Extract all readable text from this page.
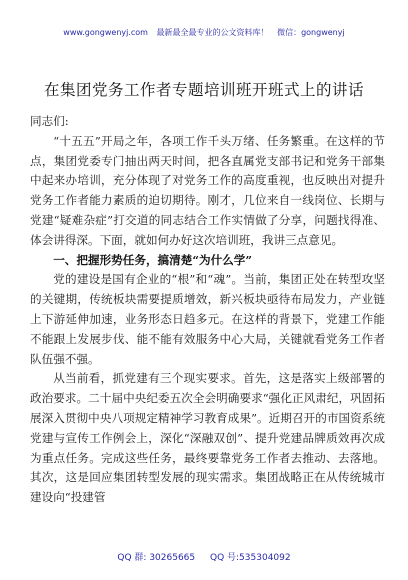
www.gongwenyj.com 最新最全最专业的公文资料库！ 微信：gongwenyj
在集团党务工作者专题培训班开班式上的讲话

同志们:

“十五五”开局之年，各项工作千头万绪、任务繁重。在这样的节点，集团党委专门抽出两天时间，把各直属党支部书记和党务干部集中起来办培训，充分体现了对党务工作的高度重视，也反映出对提升党务工作者能力素质的迫切期待。刚才，几位来自一线岗位、长期与党建“疑难杂症”打交道的同志结合工作实情做了分享，问题找得准、体会讲得深。下面，就如何办好这次培训班，我讲三点意见。

一、把握形势任务，搞清楚“为什么学”

党的建设是国有企业的“根”和“魂”。当前，集团正处在转型攻坚的关键期，传统板块需要提质增效，新兴板块亟待布局发力，产业链上下游延伸加速，业务形态日趋多元。在这样的背景下，党建工作能不能跟上发展步伐、能不能有效服务中心大局，关键就看党务工作者队伍强不强。

从当前看，抓党建有三个现实要求。首先，这是落实上级部署的政治要求。二十届中央纪委五次全会明确要求“强化正风肃纪，巩固拓展深入贯彻中央八项规定精神学习教育成果”。近期召开的市国资系统党建与宣传工作例会上，深化“深融双创”、提升党建品牌质效再次成为重点任务。完成这些任务，最终要靠党务工作者去推动、去落地。其次，这是回应集团转型发展的现实需求。集团战略正在从传统城市建设向“投建管

QQ 群: 30265665 QQ 号:535304092
